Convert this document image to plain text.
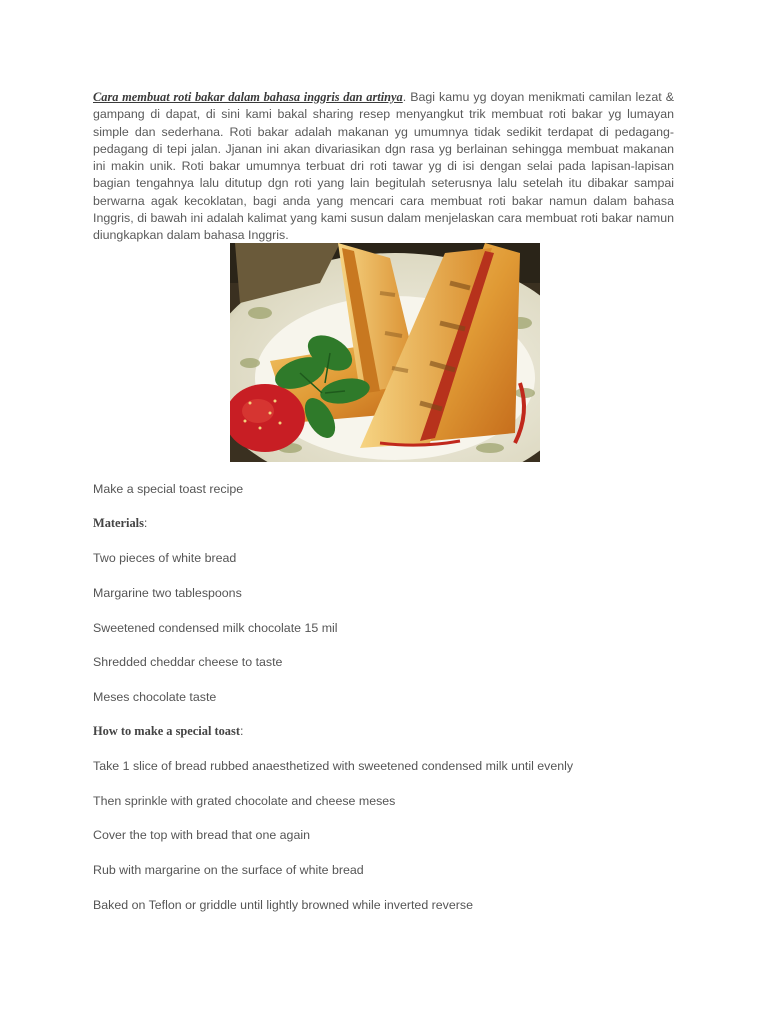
Cara membuat roti bakar dalam bahasa inggris dan artinya. Bagi kamu yg doyan menikmati camilan lezat & gampang di dapat, di sini kami bakal sharing resep menyangkut trik membuat roti bakar yg lumayan simple dan sederhana. Roti bakar adalah makanan yg umumnya tidak sedikit terdapat di pedagang-pedagang di tepi jalan. Jjanan ini akan divariasikan dgn rasa yg berlainan sehingga membuat makanan ini makin unik. Roti bakar umumnya terbuat dri roti tawar yg di isi dengan selai pada lapisan-lapisan bagian tengahnya lalu ditutup dgn roti yang lain begitulah seterusnya lalu setelah itu dibakar sampai berwarna agak kecoklatan, bagi anda yang mencari cara membuat roti bakar namun dalam bahasa Inggris, di bawah ini adalah kalimat yang kami susun dalam menjelaskan cara membuat roti bakar namun diungkapkan dalam bahasa Inggris.

Make a special toast recipe
Materials:
Two pieces of white bread
Margarine two tablespoons
Sweetened condensed milk chocolate 15 mil
Shredded cheddar cheese to taste
Meses chocolate taste
How to make a special toast:
Take 1 slice of bread rubbed anaesthetized with sweetened condensed milk until evenly
Then sprinkle with grated chocolate and cheese meses
Cover the top with bread that one again
Rub with margarine on the surface of white bread
Baked on Teflon or griddle until lightly browned while inverted reverse
